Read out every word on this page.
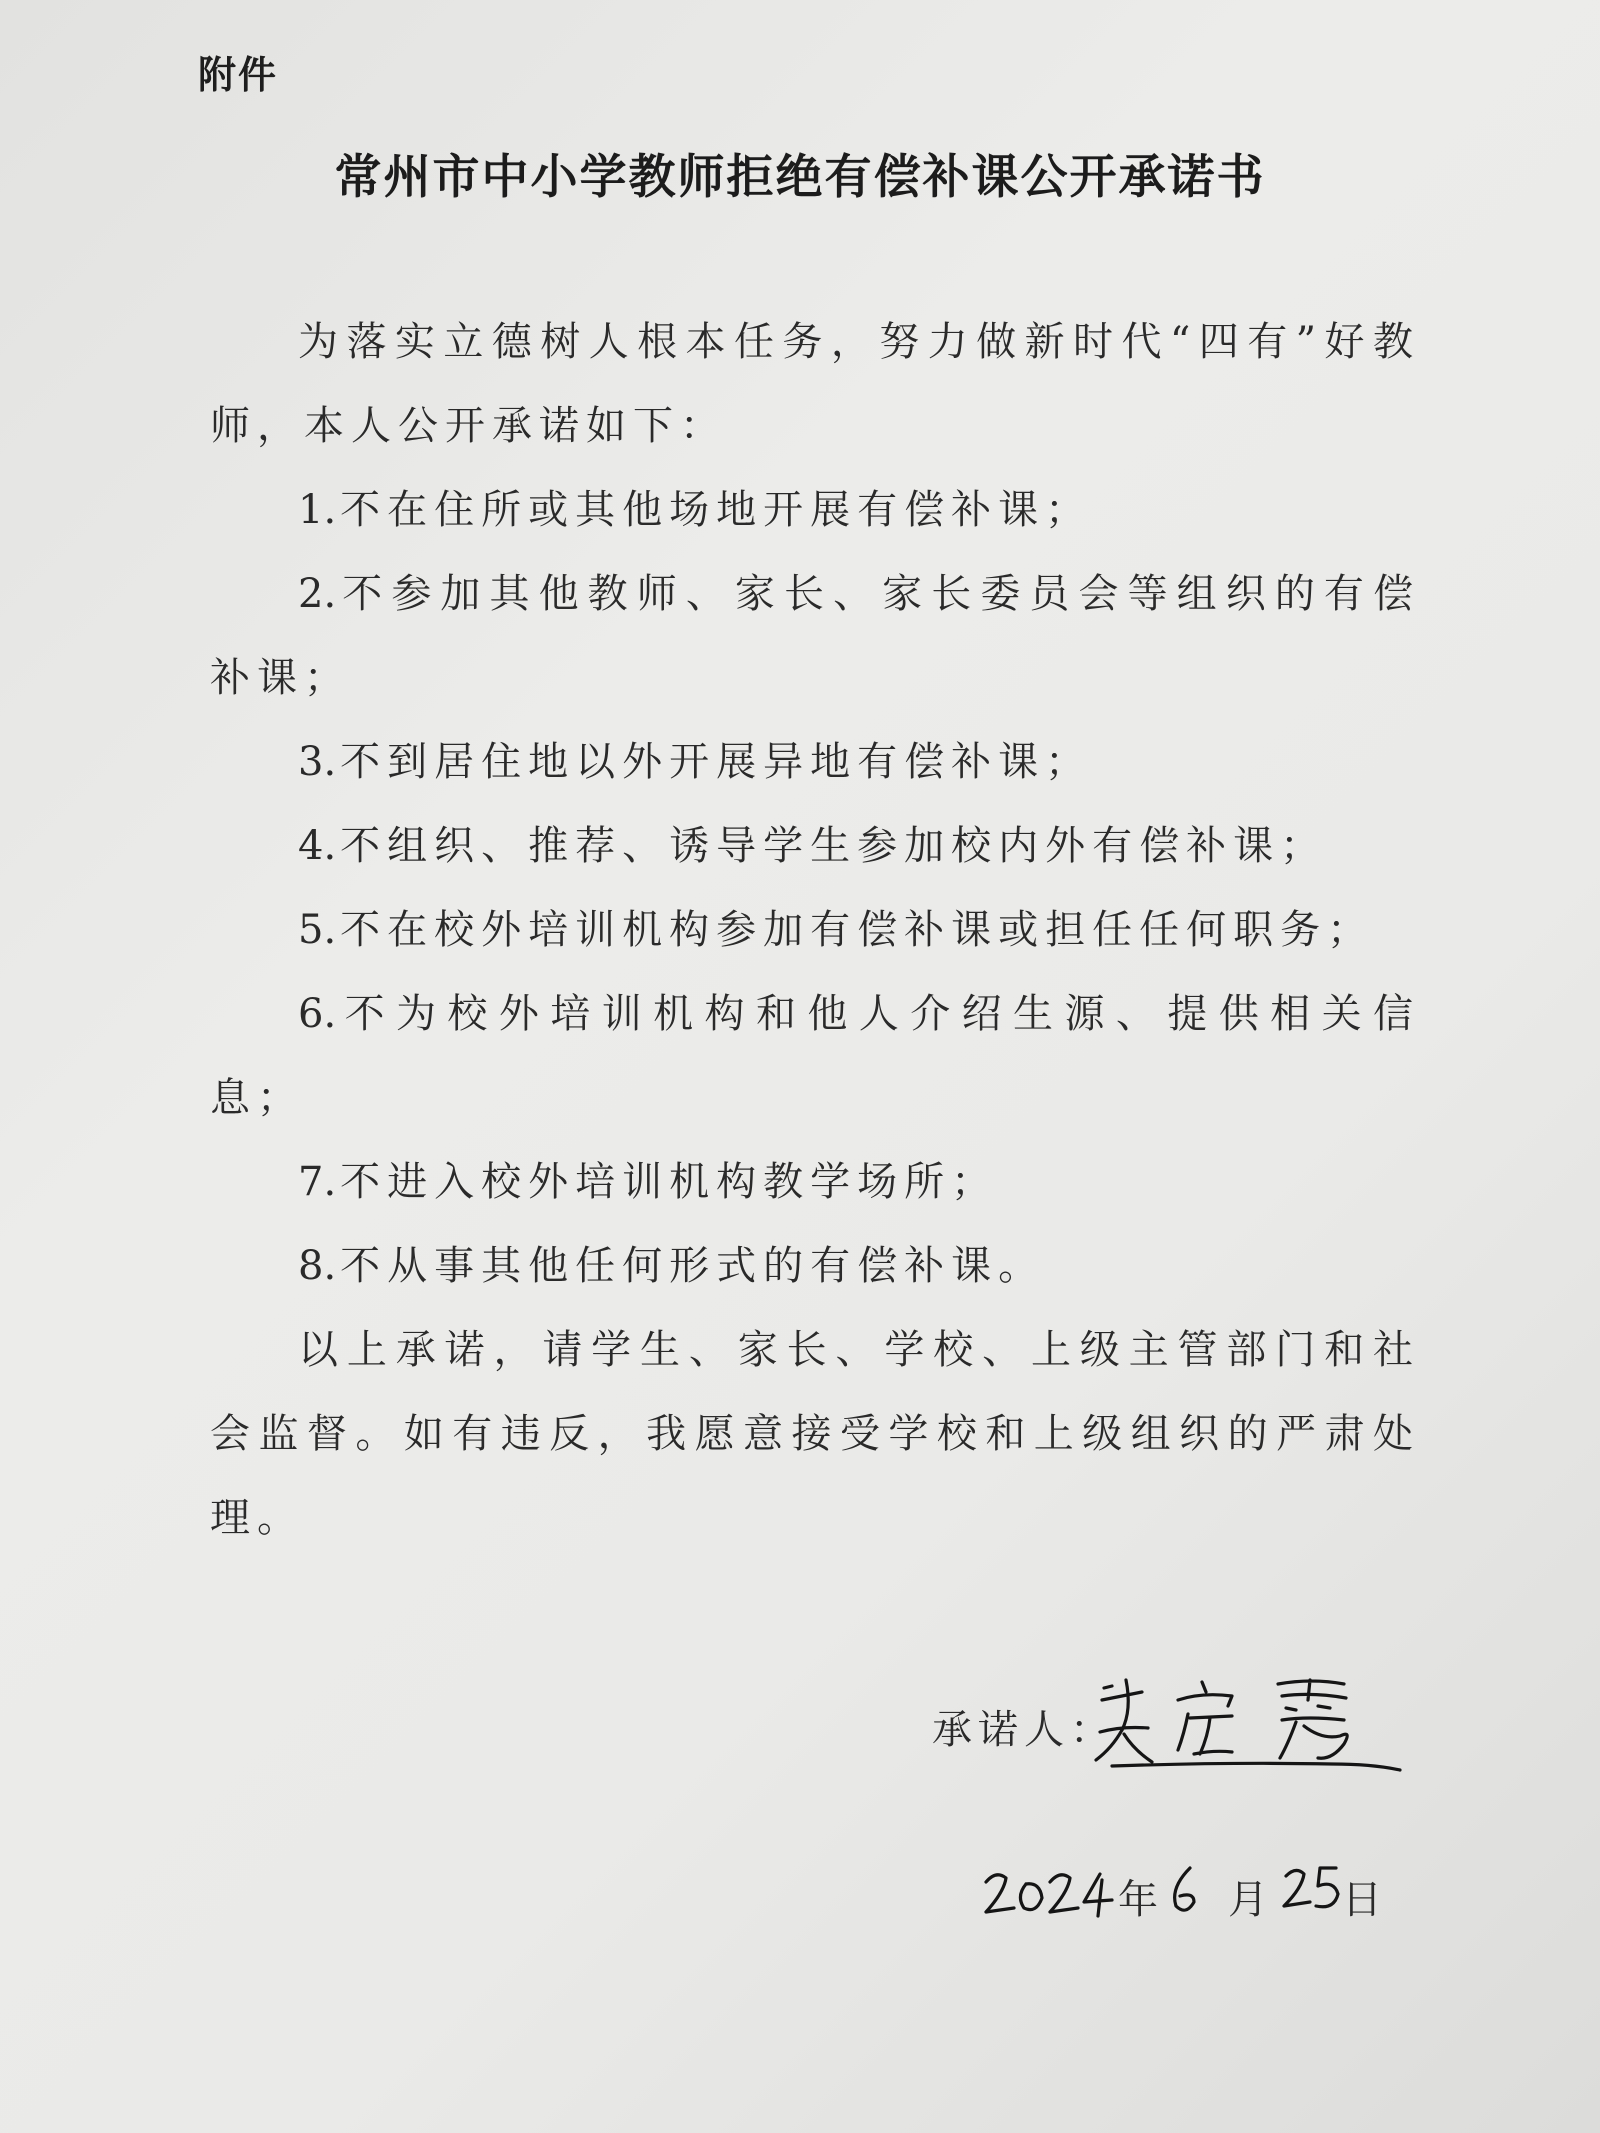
附件
常州市中小学教师拒绝有偿补课公开承诺书

为落实立德树人根本任务，努力做新时代“四有”好教师，本人公开承诺如下：

1. 不在住所或其他场地开展有偿补课；
2. 不参加其他教师、家长、家长委员会等组织的有偿补课；
3. 不到居住地以外开展异地有偿补课；
4. 不组织、推荐、诱导学生参加校内外有偿补课；
5. 不在校外培训机构参加有偿补课或担任任何职务；
6. 不为校外培训机构和他人介绍生源、提供相关信息；
7. 不进入校外培训机构教学场所；
8. 不从事其他任何形式的有偿补课。

以上承诺，请学生、家长、学校、上级主管部门和社会监督。如有违反，我愿意接受学校和上级组织的严肃处理。

承诺人：
年 月 日
